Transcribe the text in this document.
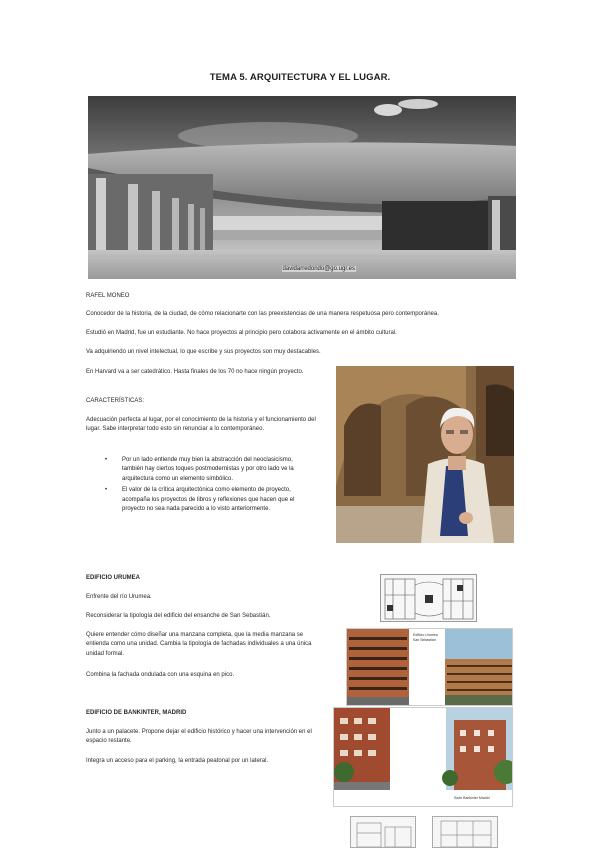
TEMA 5. ARQUITECTURA Y EL LUGAR.
davidarredondo@go.ugr.es
RAFEL MONEO
Conocedor de la historia, de la ciudad, de cómo relacionarte con las preexistencias de una manera respetuosa pero contemporánea.
Estudió en Madrid, fue un estudiante. No hace proyectos al principio pero colabora activamente en el ámbito cultural.
Va adquiriendo un nivel intelectual, lo que escribe y sus proyectos son muy destacables.
En Harvard va a ser catedrático. Hasta finales de los 70 no hace ningún proyecto.
CARACTERÍSTICAS:
Adecuación perfecta al lugar, por el conocimiento de la historia y el funcionamiento del lugar. Sabe interpretar todo esto sin renunciar a lo contemporáneo.
• Por un lado entiende muy bien la abstracción del neoclasicismo, también hay ciertos toques postmodernistas y por otro lado ve la arquitectura como un elemento simbólico.
• El valor de la crítica arquitectónica como elemento de proyecto, acompaña los proyectos de libros y reflexiones que hacen que el proyecto no sea nada parecido a lo visto anteriormente.
EDIFICIO URUMEA
Enfrente del río Urumea.
Reconsiderar la tipología del edificio del ensanche de San Sebastián.
Quiere entender cómo diseñar una manzana completa, que la media manzana se entienda como una unidad. Cambia la tipología de fachadas individuales a una única unidad formal.
Combina la fachada ondulada con una esquina en pico.
Edificio Urumea San Sebastián
EDIFICIO DE BANKINTER, MADRID
Junto a un palacete. Propone dejar el edificio histórico y hacer una intervención en el espacio restante.
Integra un acceso para el parking, la entrada peatonal por un lateral.
Sede Bankinter Madrid
